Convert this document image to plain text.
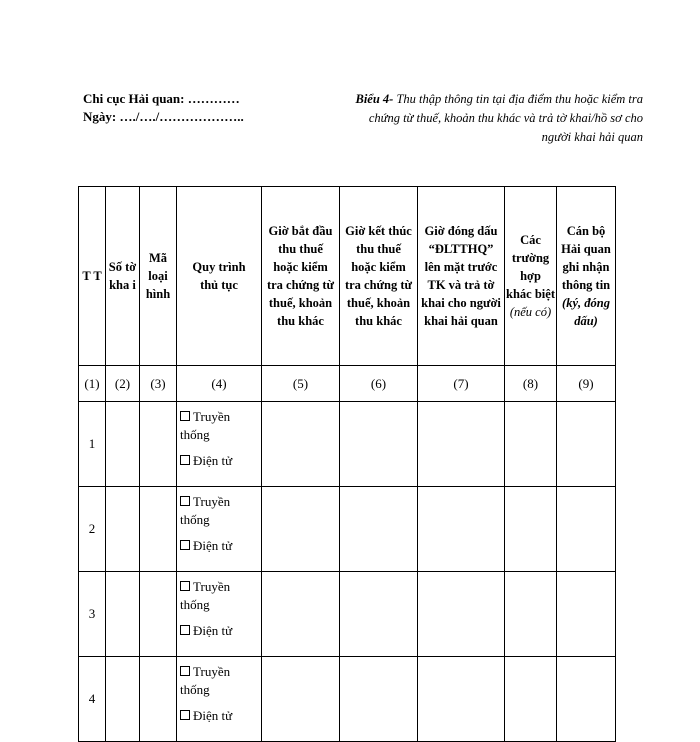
Chi cục Hải quan: …………
Ngày: …./…./………………..
Biểu 4- Thu thập thông tin tại địa điểm thu hoặc kiểm tra
chứng từ thuế, khoản thu khác và trả tờ khai/hồ sơ cho
người khai hải quan
T T	Số tờ kha i	Mã loại hình	Quy trình thủ tục	Giờ bắt đầu thu thuế hoặc kiểm tra chứng từ thuế, khoản thu khác	Giờ kết thúc thu thuế hoặc kiểm tra chứng từ thuế, khoản thu khác	Giờ đóng dấu “ĐLTTHQ” lên mặt trước TK và trả tờ khai cho người khai hải quan	Các trường hợp khác biệt (nếu có)	Cán bộ Hải quan ghi nhận thông tin (ký, đóng dấu)
(1)	(2)	(3)	(4)	(5)	(6)	(7)	(8)	(9)
1			Truyền thống
Điện tử					

2			Truyền thống
Điện tử					

3			Truyền thống
Điện tử					

4			Truyền thống
Điện tử					
